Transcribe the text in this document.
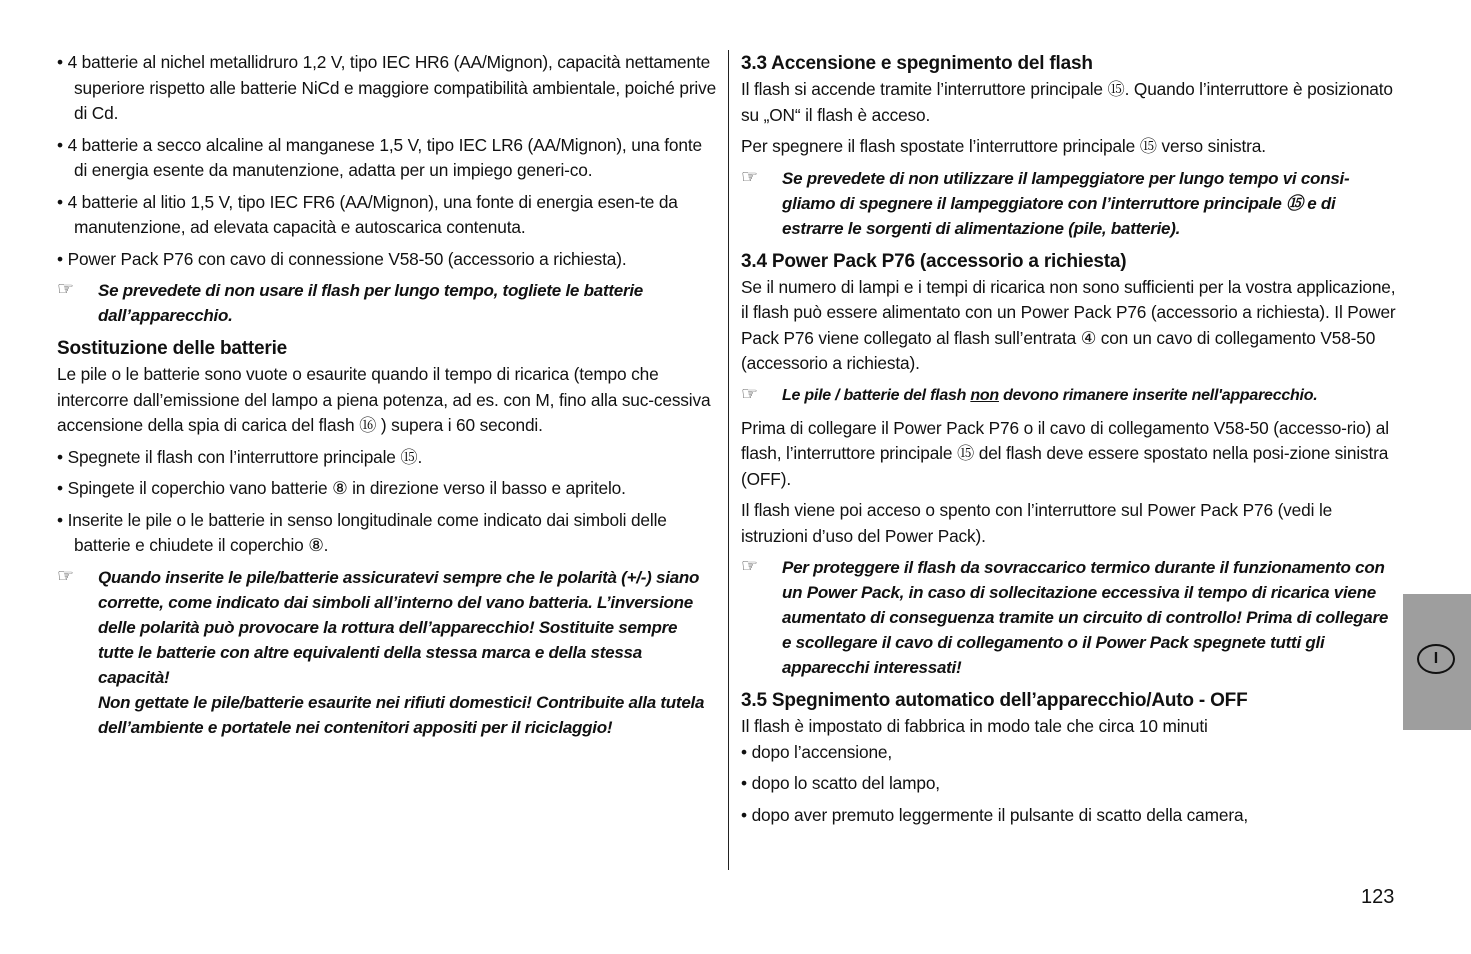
• 4 batterie al nichel metallidruro 1,2 V, tipo IEC HR6 (AA/Mignon), capacità nettamente superiore rispetto alle batterie NiCd e maggiore compatibilità ambientale, poiché prive di Cd.

• 4 batterie a secco alcaline al manganese 1,5 V, tipo IEC LR6 (AA/Mignon), una fonte di energia esente da manutenzione, adatta per un impiego generi-co.

• 4 batterie al litio 1,5 V, tipo IEC FR6 (AA/Mignon), una fonte di energia esen-te da manutenzione, ad elevata capacità e autoscarica contenuta.

• Power Pack P76 con cavo di connessione V58-50 (accessorio a richiesta).

☞ Se prevedete di non usare il flash per lungo tempo, togliete le batterie dall’apparecchio.

Sostituzione delle batterie

Le pile o le batterie sono vuote o esaurite quando il tempo di ricarica (tempo che intercorre dall’emissione del lampo a piena potenza, ad es. con M, fino alla suc-cessiva accensione della spia di carica del flash ⑯ ) supera i 60 secondi.

• Spegnete il flash con l’interruttore principale ⑮.

• Spingete il coperchio vano batterie ⑧ in direzione verso il basso e apritelo.

• Inserite le pile o le batterie in senso longitudinale come indicato dai simboli delle batterie e chiudete il coperchio ⑧.

☞ Quando inserite le pile/batterie assicuratevi sempre che le polarità (+/-) siano corrette, come indicato dai simboli all’interno del vano batteria. L’inversione delle polarità può provocare la rottura dell’apparecchio! Sostituite sempre tutte le batterie con altre equivalenti della stessa marca e della stessa capacità!
Non gettate le pile/batterie esaurite nei rifiuti domestici! Contribuite alla tutela dell’ambiente e portatele nei contenitori appositi per il riciclaggio!

3.3 Accensione e spegnimento del flash

Il flash si accende tramite l’interruttore principale ⑮. Quando l’interruttore è posizionato su „ON“ il flash è acceso.

Per spegnere il flash spostate l’interruttore principale ⑮ verso sinistra.

☞ Se prevedete di non utilizzare il lampeggiatore per lungo tempo vi consi-gliamo di spegnere il lampeggiatore con l’interruttore principale ⑮ e di estrarre le sorgenti di alimentazione (pile, batterie).

3.4 Power Pack P76 (accessorio a richiesta)

Se il numero di lampi e i tempi di ricarica non sono sufficienti per la vostra applicazione, il flash può essere alimentato con un Power Pack P76 (accessorio a richiesta). Il Power Pack P76 viene collegato al flash sull’entrata ④ con un cavo di collegamento V58-50 (accessorio a richiesta).

☞ Le pile / batterie del flash non devono rimanere inserite nell'apparecchio.

Prima di collegare il Power Pack P76 o il cavo di collegamento V58-50 (accesso-rio) al flash, l’interruttore principale ⑮ del flash deve essere spostato nella posi-zione sinistra (OFF).

Il flash viene poi acceso o spento con l’interruttore sul Power Pack P76 (vedi le istruzioni d’uso del Power Pack).

☞ Per proteggere il flash da sovraccarico termico durante il funzionamento con un Power Pack, in caso di sollecitazione eccessiva il tempo di ricarica viene aumentato di conseguenza tramite un circuito di controllo! Prima di collegare e scollegare il cavo di collegamento o il Power Pack spegnete tutti gli apparecchi interessati!

3.5 Spegnimento automatico dell’apparecchio/Auto - OFF

Il flash è impostato di fabbrica in modo tale che circa 10 minuti

• dopo l’accensione,

• dopo lo scatto del lampo,

• dopo aver premuto leggermente il pulsante di scatto della camera,

I
123
